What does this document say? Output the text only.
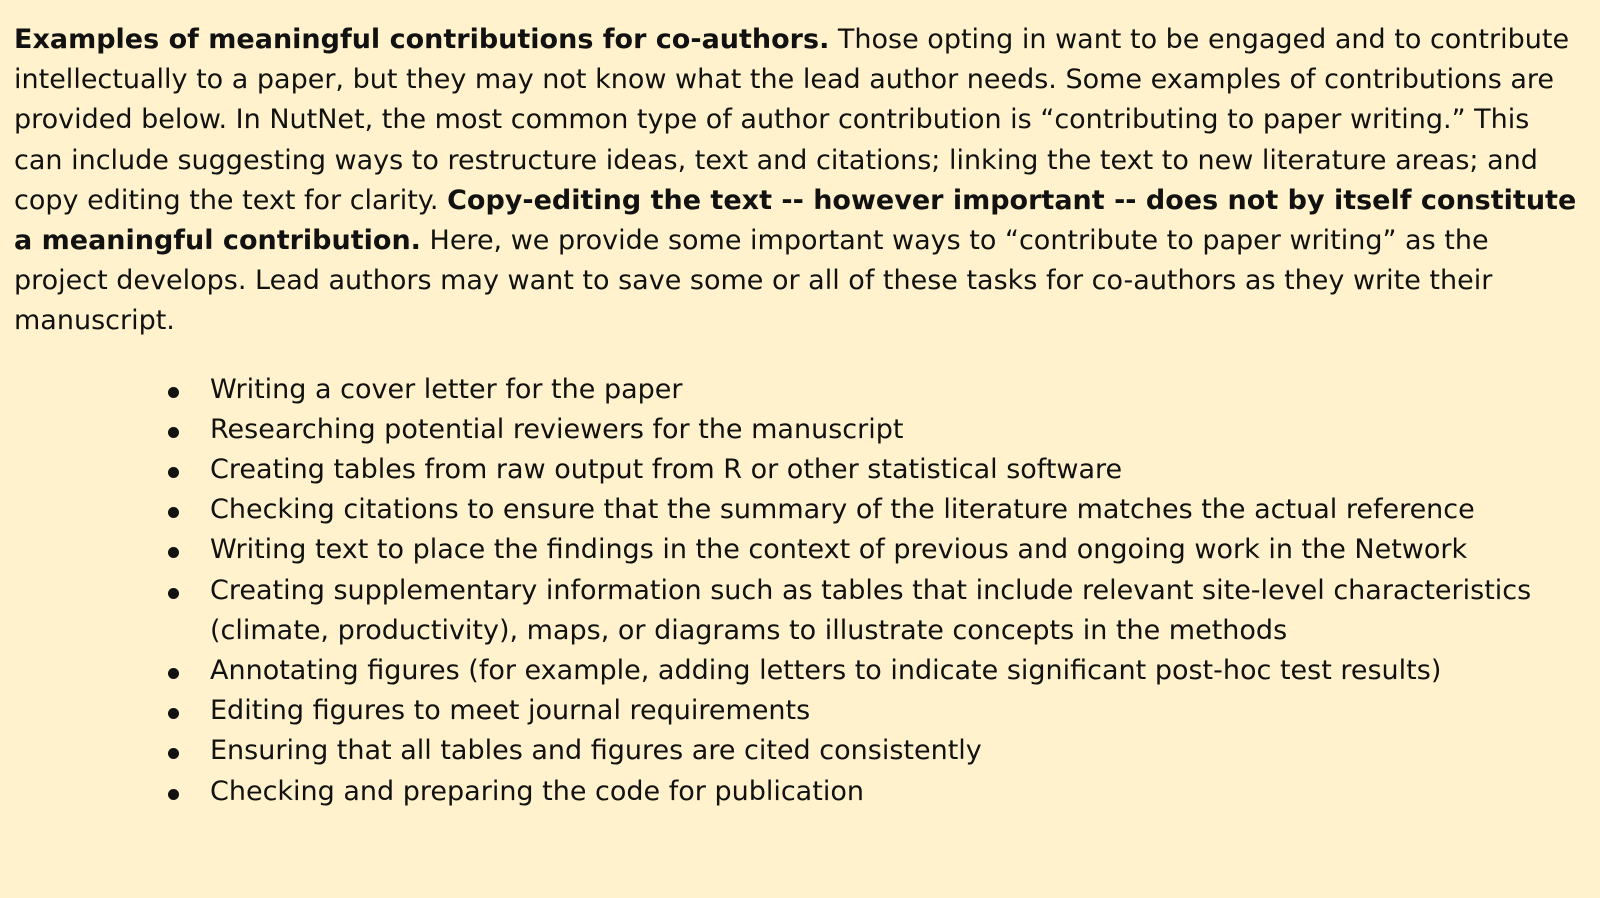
Examples of meaningful contributions for co-authors. Those opting in want to be engaged and to contribute intellectually to a paper, but they may not know what the lead author needs. Some examples of contributions are provided below. In NutNet, the most common type of author contribution is “contributing to paper writing.” This can include suggesting ways to restructure ideas, text and citations; linking the text to new literature areas; and copy editing the text for clarity. Copy-editing the text -- however important -- does not by itself constitute a meaningful contribution. Here, we provide some important ways to “contribute to paper writing” as the project develops. Lead authors may want to save some or all of these tasks for co-authors as they write their manuscript.

Writing a cover letter for the paper
Researching potential reviewers for the manuscript
Creating tables from raw output from R or other statistical software
Checking citations to ensure that the summary of the literature matches the actual reference
Writing text to place the findings in the context of previous and ongoing work in the Network
Creating supplementary information such as tables that include relevant site-level characteristics (climate, productivity), maps, or diagrams to illustrate concepts in the methods
Annotating figures (for example, adding letters to indicate significant post-hoc test results)
Editing figures to meet journal requirements
Ensuring that all tables and figures are cited consistently
Checking and preparing the code for publication
